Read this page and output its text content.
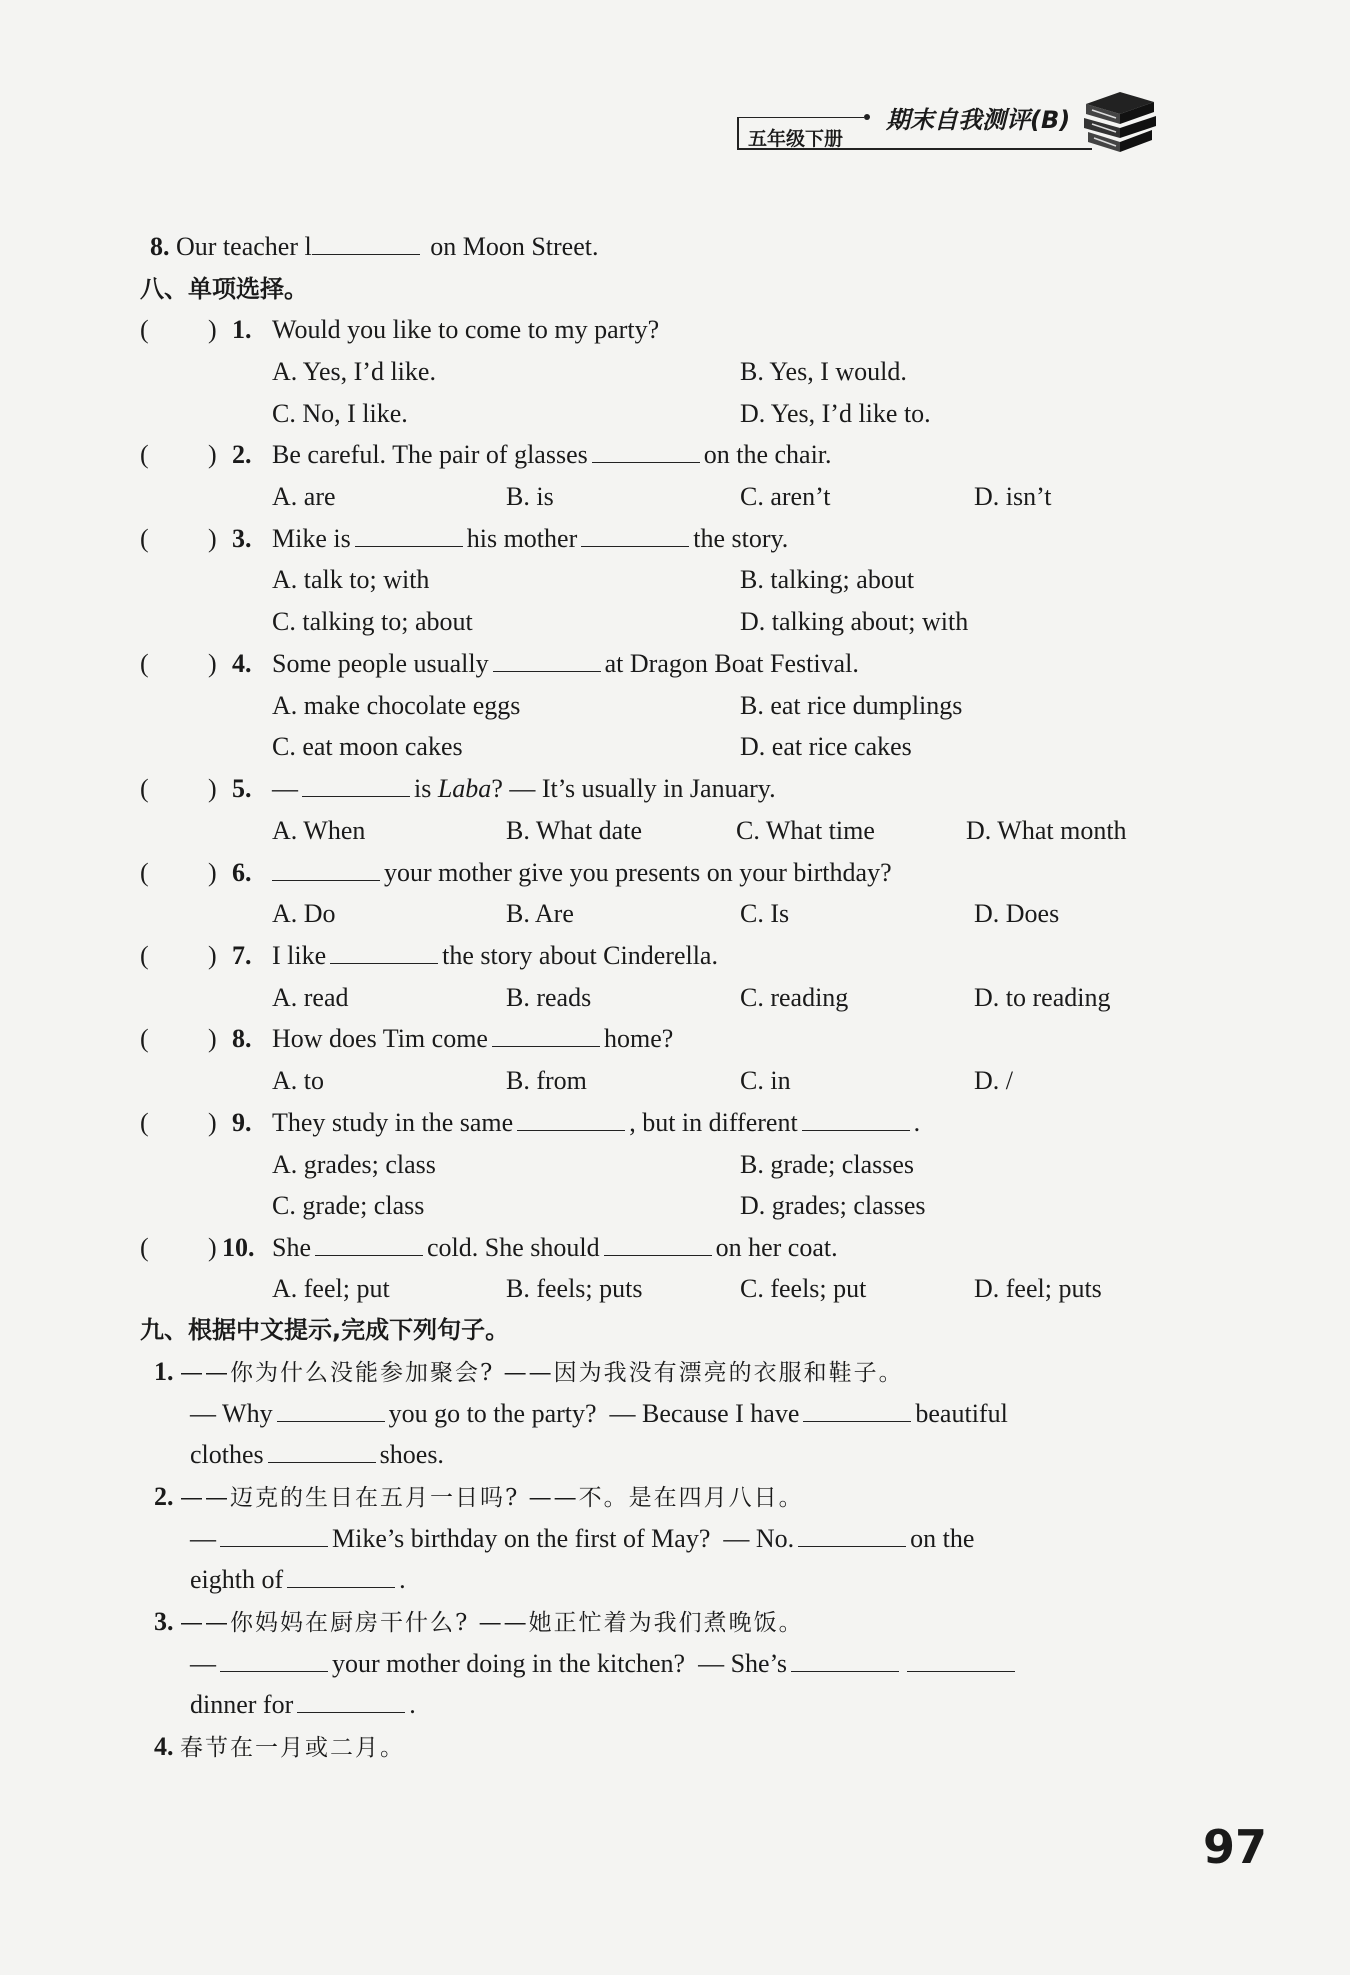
五年级下册
期末自我测评(B)
8. Our teacher l	on Moon Street.
八、单项选择。
( ) 1. Would you like to come to my party?
A. Yes, I’d like.	B. Yes, I would.
C. No, I like.	D. Yes, I’d like to.
( ) 2. Be careful. The pair of glasses	on the chair.
A. are	B. is	C. aren’t	D. isn’t
( ) 3. Mike is	his mother	the story.
A. talk to; with	B. talking; about
C. talking to; about	D. talking about; with
( ) 4. Some people usually	at Dragon Boat Festival.
A. make chocolate eggs	B. eat rice dumplings
C. eat moon cakes	D. eat rice cakes
( ) 5. —	is Laba? — It’s usually in January.
A. When	B. What date	C. What time	D. What month
( ) 6.	your mother give you presents on your birthday?
A. Do	B. Are	C. Is	D. Does
( ) 7. I like	the story about Cinderella.
A. read	B. reads	C. reading	D. to reading
( ) 8. How does Tim come	home?
A. to	B. from	C. in	D. /
( ) 9. They study in the same	, but in different	.
A. grades; class	B. grade; classes
C. grade; class	D. grades; classes
( ) 10. She	cold. She should	on her coat.
A. feel; put	B. feels; puts	C. feels; put	D. feel; puts
九、根据中文提示,完成下列句子。
1. ——你为什么没能参加聚会? ——因为我没有漂亮的衣服和鞋子。
— Why	you go to the party? — Because I have	beautiful
clothes	shoes.
2. ——迈克的生日在五月一日吗? ——不。是在四月八日。
—	Mike’s birthday on the first of May? — No.	on the
eighth of	.
3. ——你妈妈在厨房干什么? ——她正忙着为我们煮晚饭。
—	your mother doing in the kitchen? — She’s
dinner for	.
4. 春节在一月或二月。
97
